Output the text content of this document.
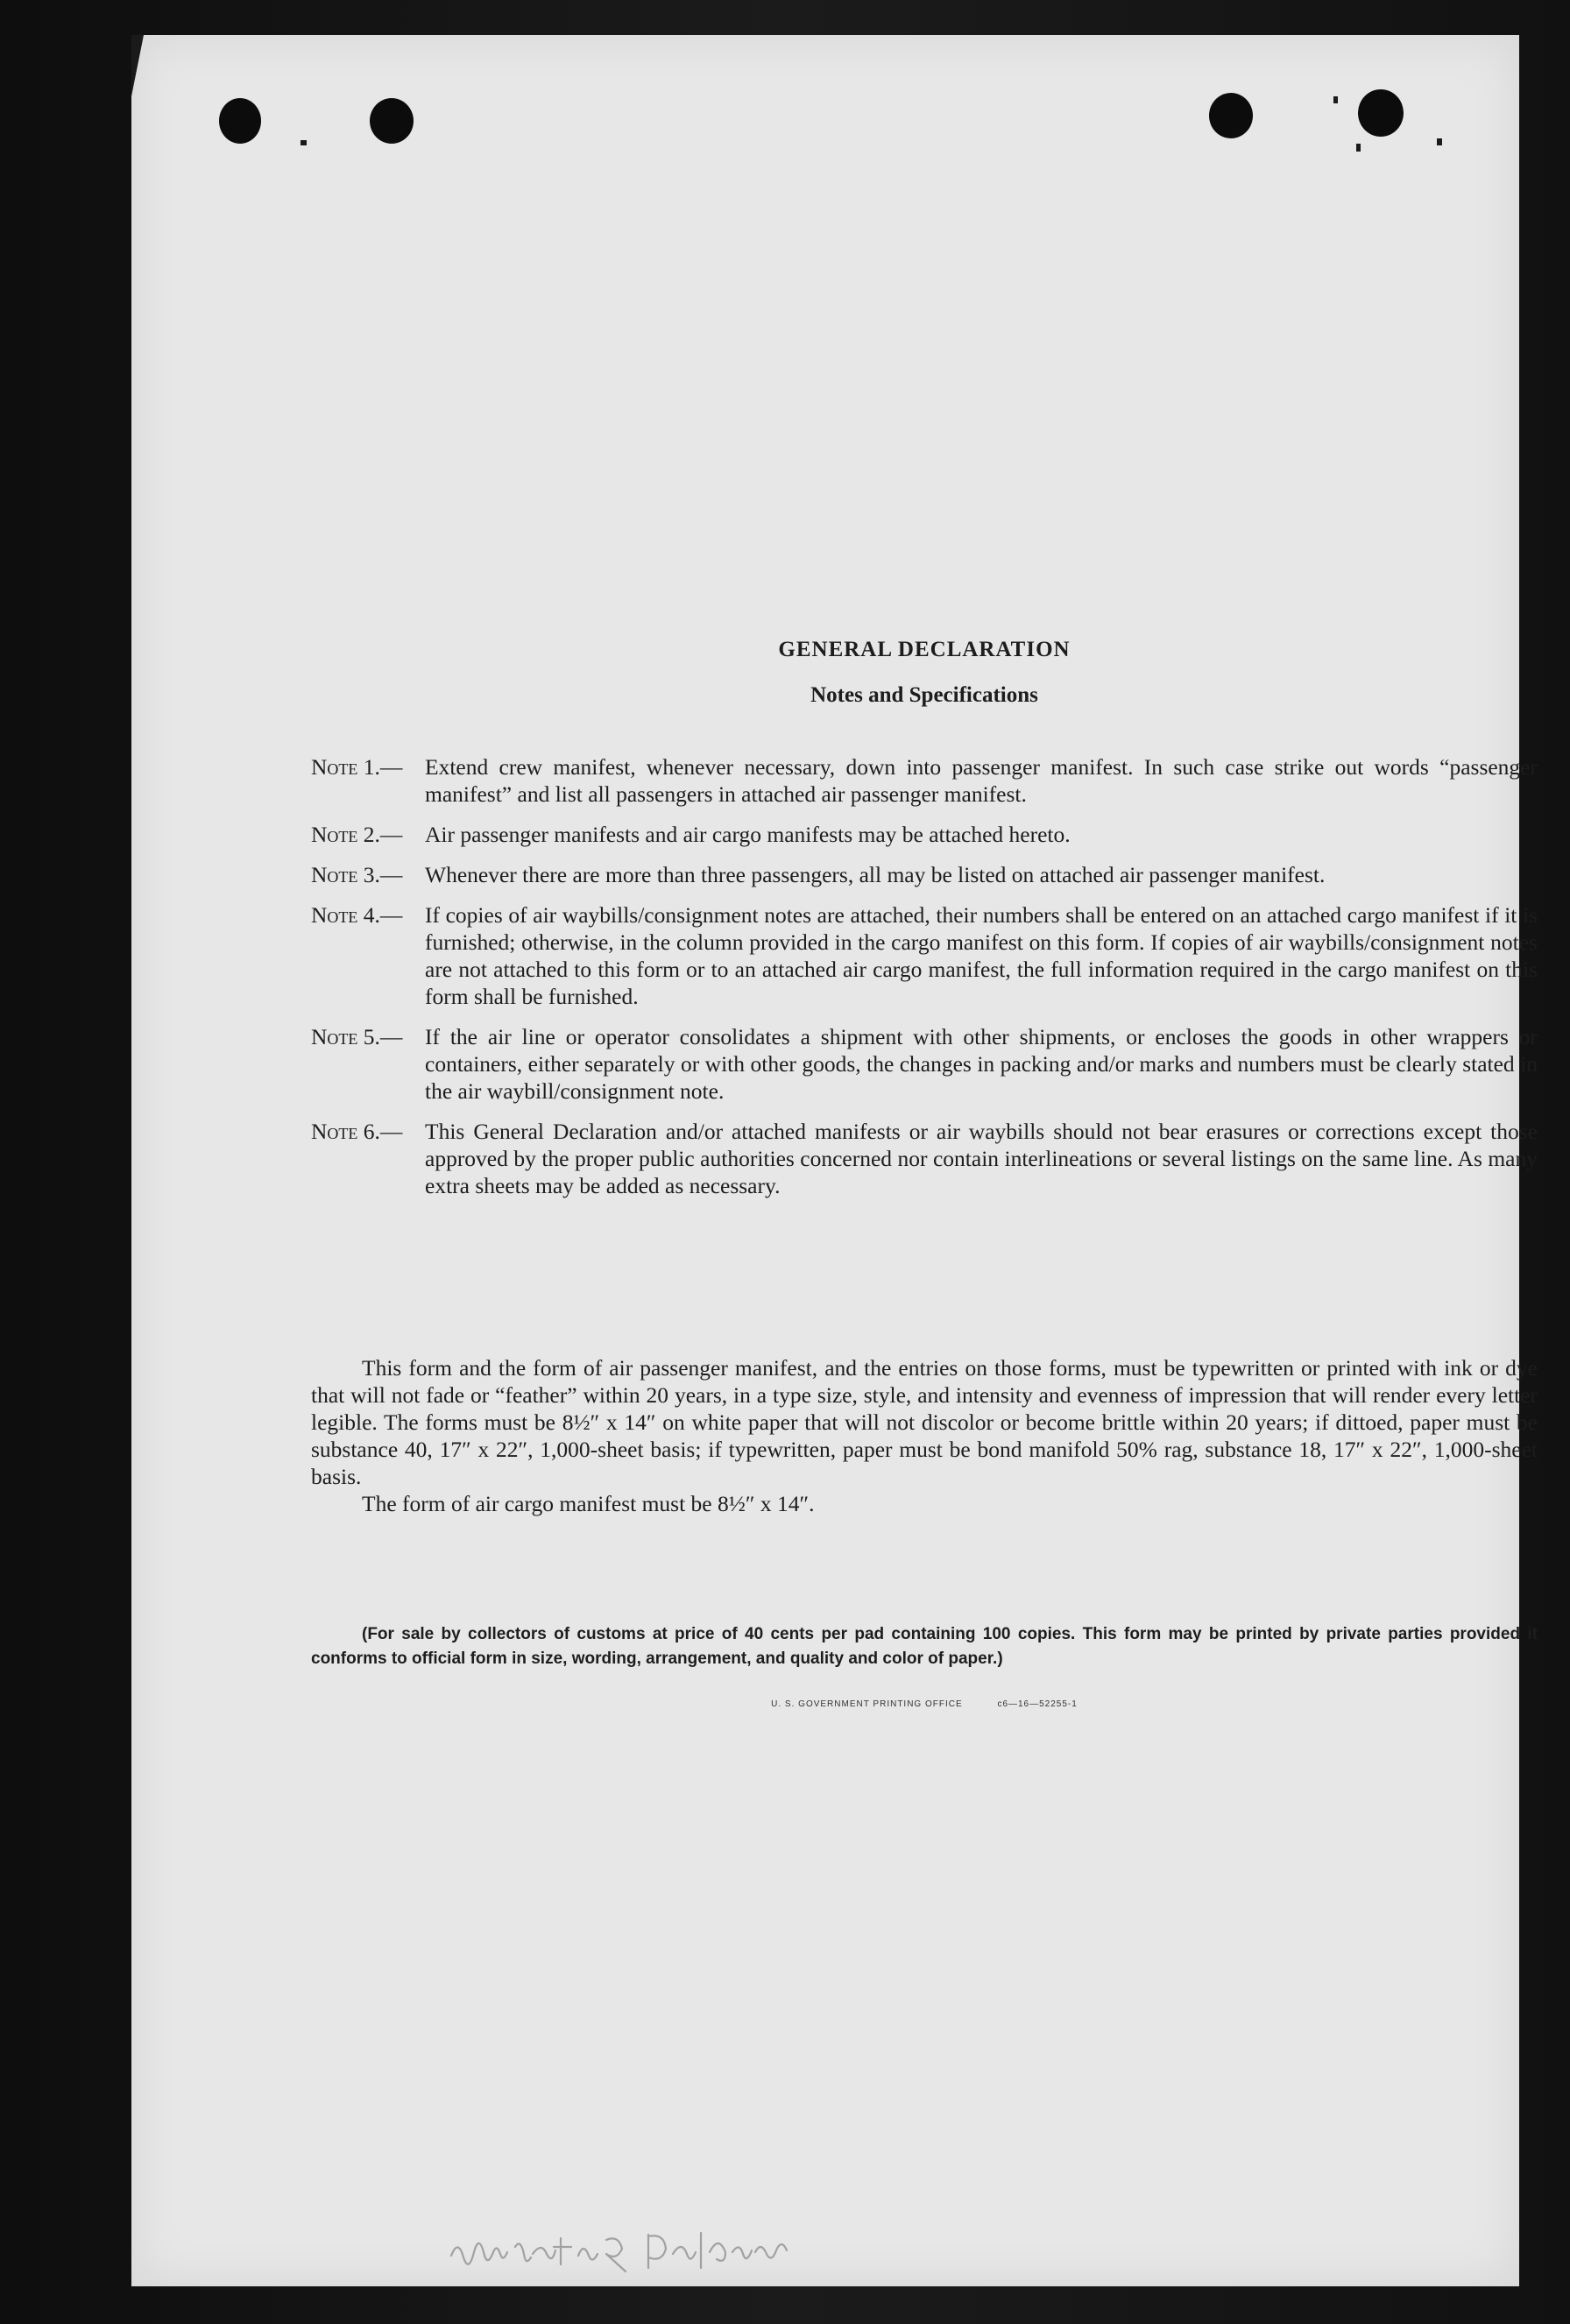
GENERAL DECLARATION
Notes and Specifications
Note 1.—	Extend crew manifest, whenever necessary, down into passenger manifest. In such case strike out words “passenger manifest” and list all passengers in attached air passenger manifest.
Note 2.—	Air passenger manifests and air cargo manifests may be attached hereto.
Note 3.—	Whenever there are more than three passengers, all may be listed on attached air passenger manifest.
Note 4.—	If copies of air waybills/consignment notes are attached, their numbers shall be entered on an attached cargo manifest if it is furnished; otherwise, in the column provided in the cargo manifest on this form. If copies of air waybills/consignment notes are not attached to this form or to an attached air cargo manifest, the full information required in the cargo manifest on this form shall be furnished.
Note 5.—	If the air line or operator consolidates a shipment with other shipments, or encloses the goods in other wrappers or containers, either separately or with other goods, the changes in packing and/or marks and numbers must be clearly stated in the air waybill/consignment note.
Note 6.—	This General Declaration and/or attached manifests or air waybills should not bear erasures or corrections except those approved by the proper public authorities concerned nor contain interlineations or several listings on the same line. As many extra sheets may be added as necessary.

This form and the form of air passenger manifest, and the entries on those forms, must be typewritten or printed with ink or dye that will not fade or “feather” within 20 years, in a type size, style, and intensity and evenness of impression that will render every letter legible. The forms must be 8½″ x 14″ on white paper that will not discolor or become brittle within 20 years; if dittoed, paper must be substance 40, 17″ x 22″, 1,000-sheet basis; if typewritten, paper must be bond manifold 50% rag, substance 18, 17″ x 22″, 1,000-sheet basis.

The form of air cargo manifest must be 8½″ x 14″.

(For sale by collectors of customs at price of 40 cents per pad containing 100 copies. This form may be printed by private parties provided it conforms to official form in size, wording, arrangement, and quality and color of paper.)
U. S. GOVERNMENT PRINTING OFFICE	c6—16—52255-1
